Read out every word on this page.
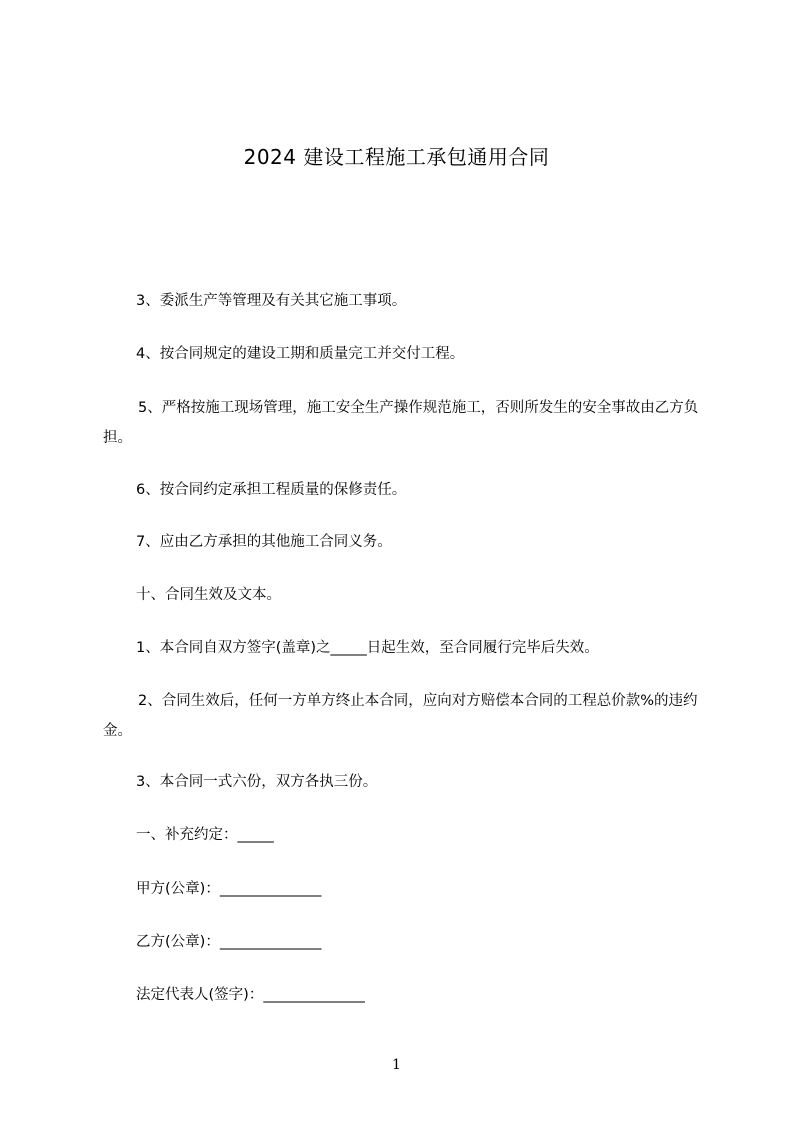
2024 建设工程施工承包通用合同

3、委派生产等管理及有关其它施工事项。

4、按合同规定的建设工期和质量完工并交付工程。

5、严格按施工现场管理，施工安全生产操作规范施工，否则所发生的安全事故由乙方负担。

6、按合同约定承担工程质量的保修责任。

7、应由乙方承担的其他施工合同义务。

十、合同生效及文本。

1、本合同自双方签字(盖章)之_____日起生效，至合同履行完毕后失效。

2、合同生效后，任何一方单方终止本合同，应向对方赔偿本合同的工程总价款%的违约金。

3、本合同一式六份，双方各执三份。

一、补充约定：_____

甲方(公章)：______________

乙方(公章)：______________

法定代表人(签字)：______________

1
